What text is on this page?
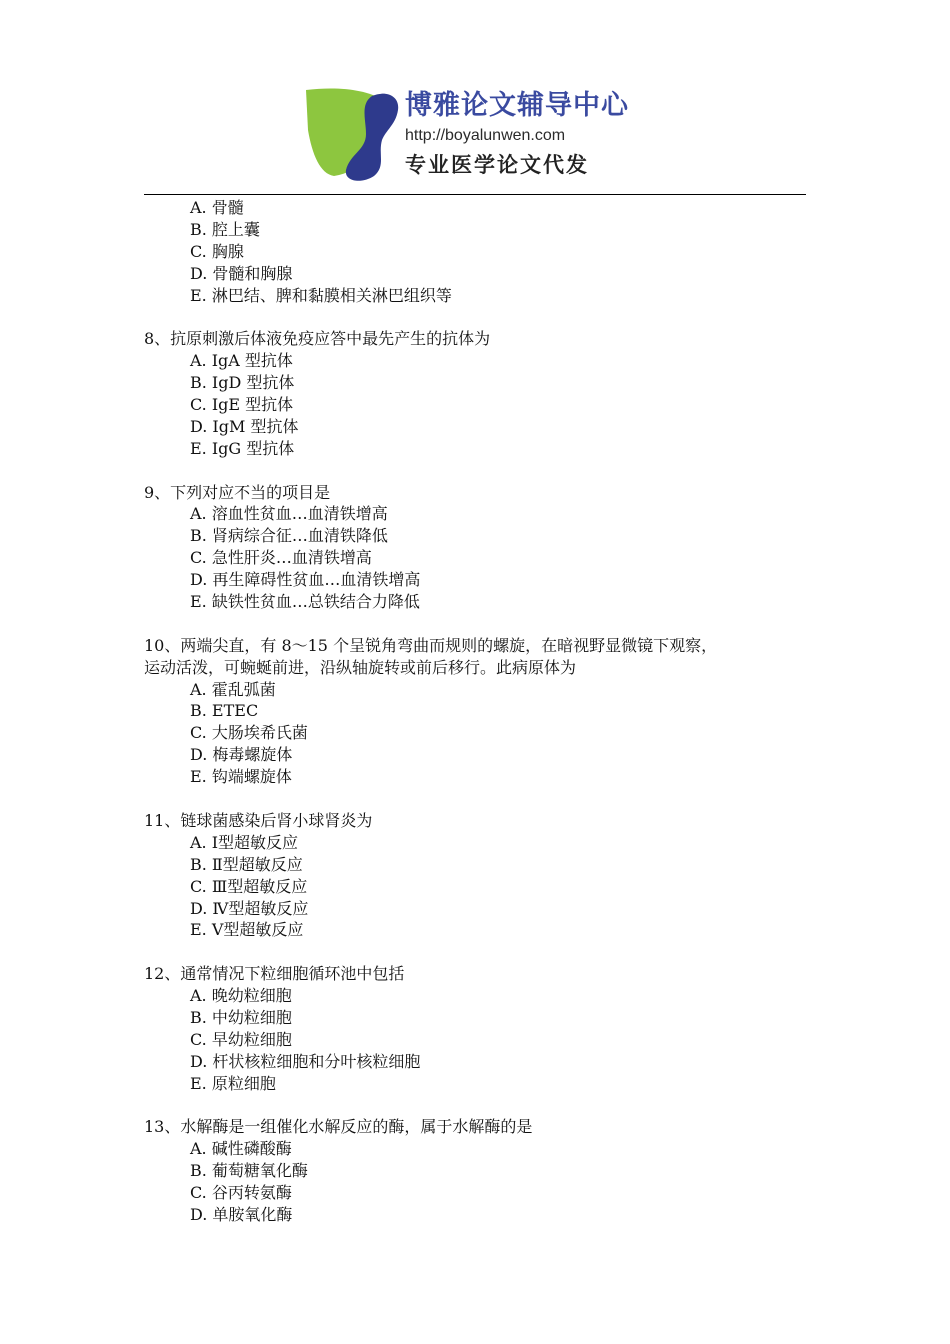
博雅论文辅导中心
http://boyalunwen.com
专业医学论文代发
A. 骨髓
B. 腔上囊
C. 胸腺
D. 骨髓和胸腺
E. 淋巴结、脾和黏膜相关淋巴组织等
8、抗原刺激后体液免疫应答中最先产生的抗体为
A. IgA 型抗体
B. IgD 型抗体
C. IgE 型抗体
D. IgM 型抗体
E. IgG 型抗体
9、下列对应不当的项目是
A. 溶血性贫血…血清铁增高
B. 肾病综合征…血清铁降低
C. 急性肝炎…血清铁增高
D. 再生障碍性贫血…血清铁增高
E. 缺铁性贫血…总铁结合力降低
10、两端尖直，有 8～15 个呈锐角弯曲而规则的螺旋，在暗视野显微镜下观察，
运动活泼，可蜿蜒前进，沿纵轴旋转或前后移行。此病原体为
A. 霍乱弧菌
B. ETEC
C. 大肠埃希氏菌
D. 梅毒螺旋体
E. 钩端螺旋体
11、链球菌感染后肾小球肾炎为
A. Ⅰ型超敏反应
B. Ⅱ型超敏反应
C. Ⅲ型超敏反应
D. Ⅳ型超敏反应
E. Ⅴ型超敏反应
12、通常情况下粒细胞循环池中包括
A. 晚幼粒细胞
B. 中幼粒细胞
C. 早幼粒细胞
D. 杆状核粒细胞和分叶核粒细胞
E. 原粒细胞
13、水解酶是一组催化水解反应的酶，属于水解酶的是
A. 碱性磷酸酶
B. 葡萄糖氧化酶
C. 谷丙转氨酶
D. 单胺氧化酶
